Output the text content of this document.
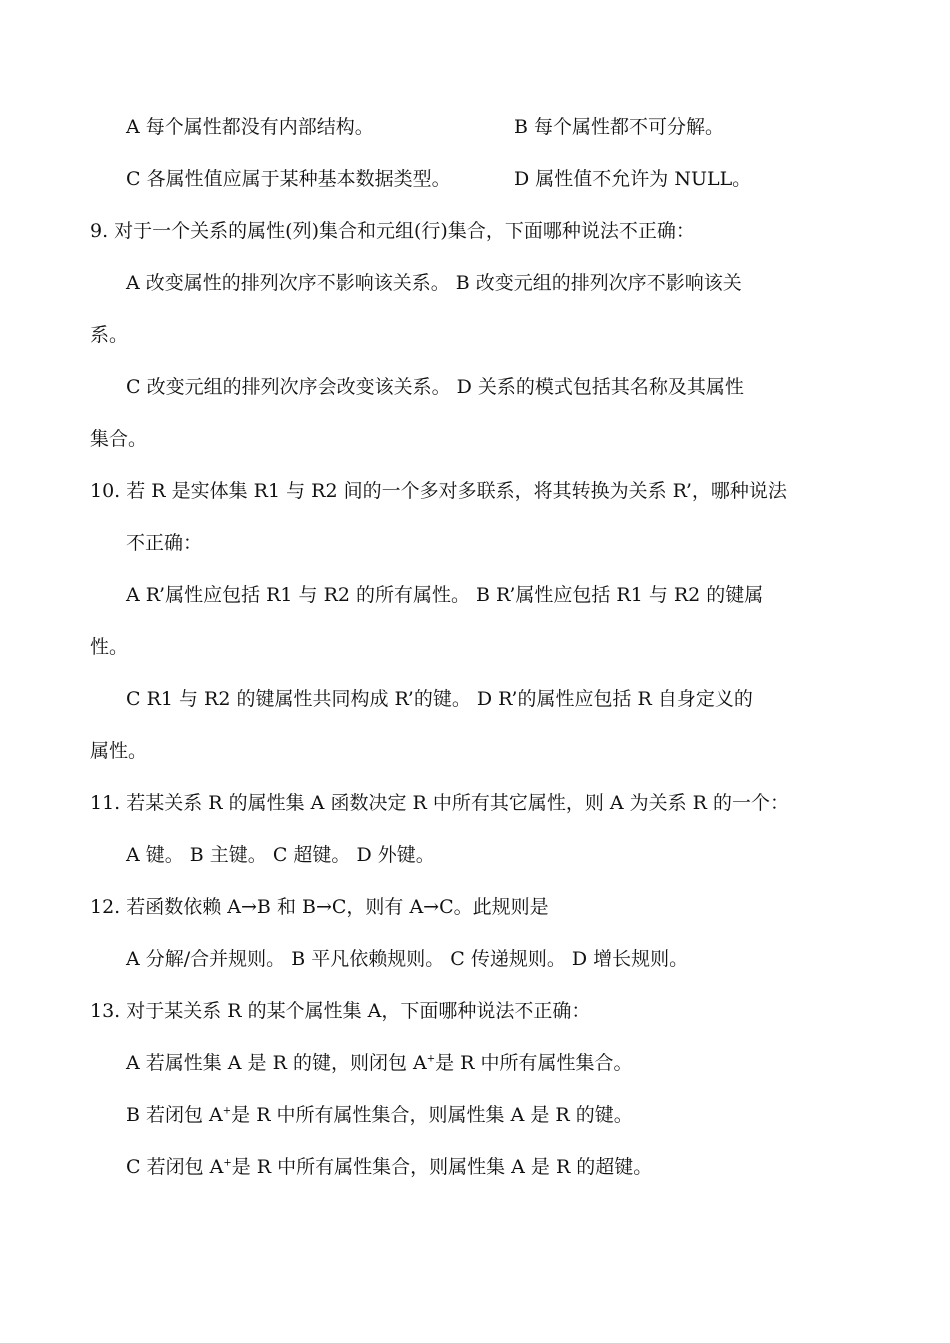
A 每个属性都没有内部结构。	B 每个属性都不可分解。
C 各属性值应属于某种基本数据类型。	D 属性值不允许为 NULL。
9. 对于一个关系的属性(列)集合和元组(行)集合，下面哪种说法不正确：
A 改变属性的排列次序不影响该关系。 B 改变元组的排列次序不影响该关
系。
C 改变元组的排列次序会改变该关系。 D 关系的模式包括其名称及其属性
集合。
10. 若 R 是实体集 R1 与 R2 间的一个多对多联系，将其转换为关系 R’，哪种说法
不正确：
A R’属性应包括 R1 与 R2 的所有属性。 B R’属性应包括 R1 与 R2 的键属
性。
C R1 与 R2 的键属性共同构成 R’的键。 D R’的属性应包括 R 自身定义的
属性。
11. 若某关系 R 的属性集 A 函数决定 R 中所有其它属性，则 A 为关系 R 的一个：
A 键。 B 主键。 C 超键。 D 外键。
12. 若函数依赖 A→B 和 B→C，则有 A→C。此规则是
A 分解/合并规则。 B 平凡依赖规则。 C 传递规则。 D 增长规则。
13. 对于某关系 R 的某个属性集 A，下面哪种说法不正确：
A 若属性集 A 是 R 的键，则闭包 A+是 R 中所有属性集合。
B 若闭包 A+是 R 中所有属性集合，则属性集 A 是 R 的键。
C 若闭包 A+是 R 中所有属性集合，则属性集 A 是 R 的超键。
